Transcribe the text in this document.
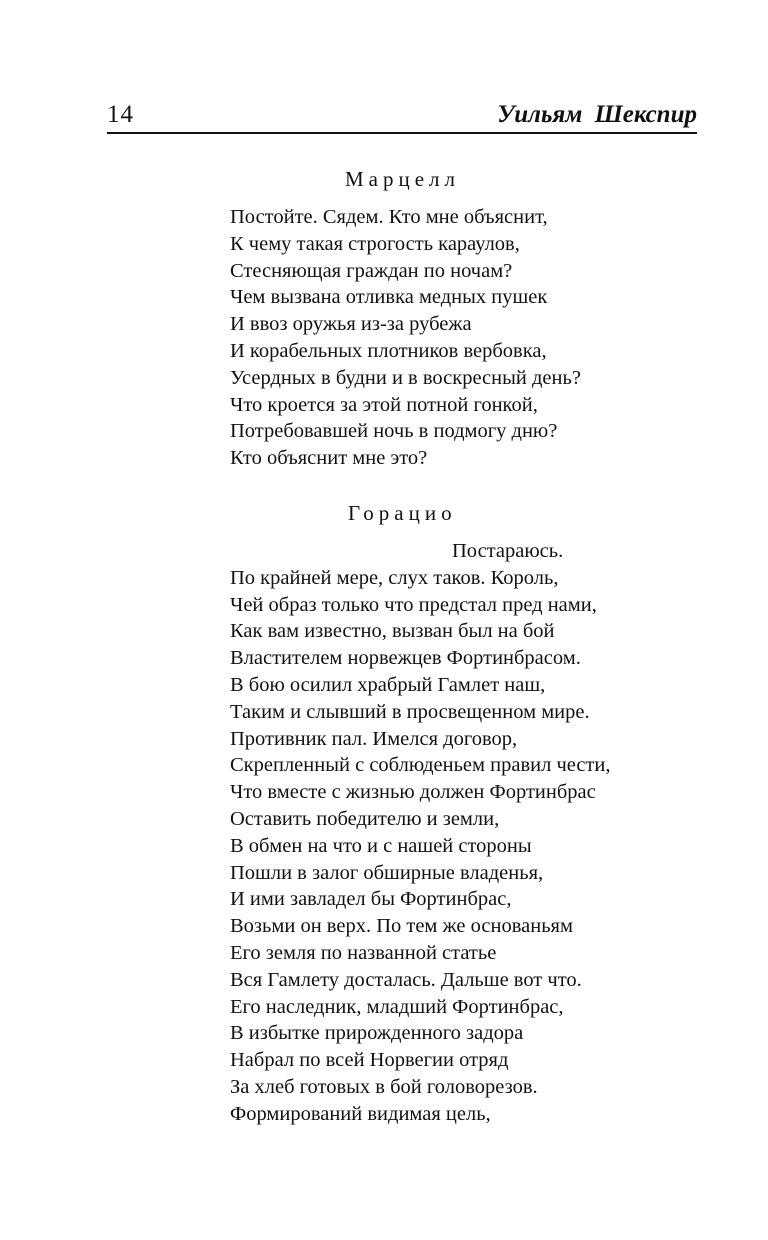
14	Уильям Шекспир
Марцелл
Постойте. Сядем. Кто мне объяснит,
К чему такая строгость караулов,
Стесняющая граждан по ночам?
Чем вызвана отливка медных пушек
И ввоз оружья из-за рубежа
И корабельных плотников вербовка,
Усердных в будни и в воскресный день?
Что кроется за этой потной гонкой,
Потребовавшей ночь в подмогу дню?
Кто объяснит мне это?
Горацио
Постараюсь.
По крайней мере, слух таков. Король,
Чей образ только что предстал пред нами,
Как вам известно, вызван был на бой
Властителем норвежцев Фортинбрасом.
В бою осилил храбрый Гамлет наш,
Таким и слывший в просвещенном мире.
Противник пал. Имелся договор,
Скрепленный с соблюденьем правил чести,
Что вместе с жизнью должен Фортинбрас
Оставить победителю и земли,
В обмен на что и с нашей стороны
Пошли в залог обширные владенья,
И ими завладел бы Фортинбрас,
Возьми он верх. По тем же основаньям
Его земля по названной статье
Вся Гамлету досталась. Дальше вот что.
Его наследник, младший Фортинбрас,
В избытке прирожденного задора
Набрал по всей Норвегии отряд
За хлеб готовых в бой головорезов.
Формирований видимая цель,
